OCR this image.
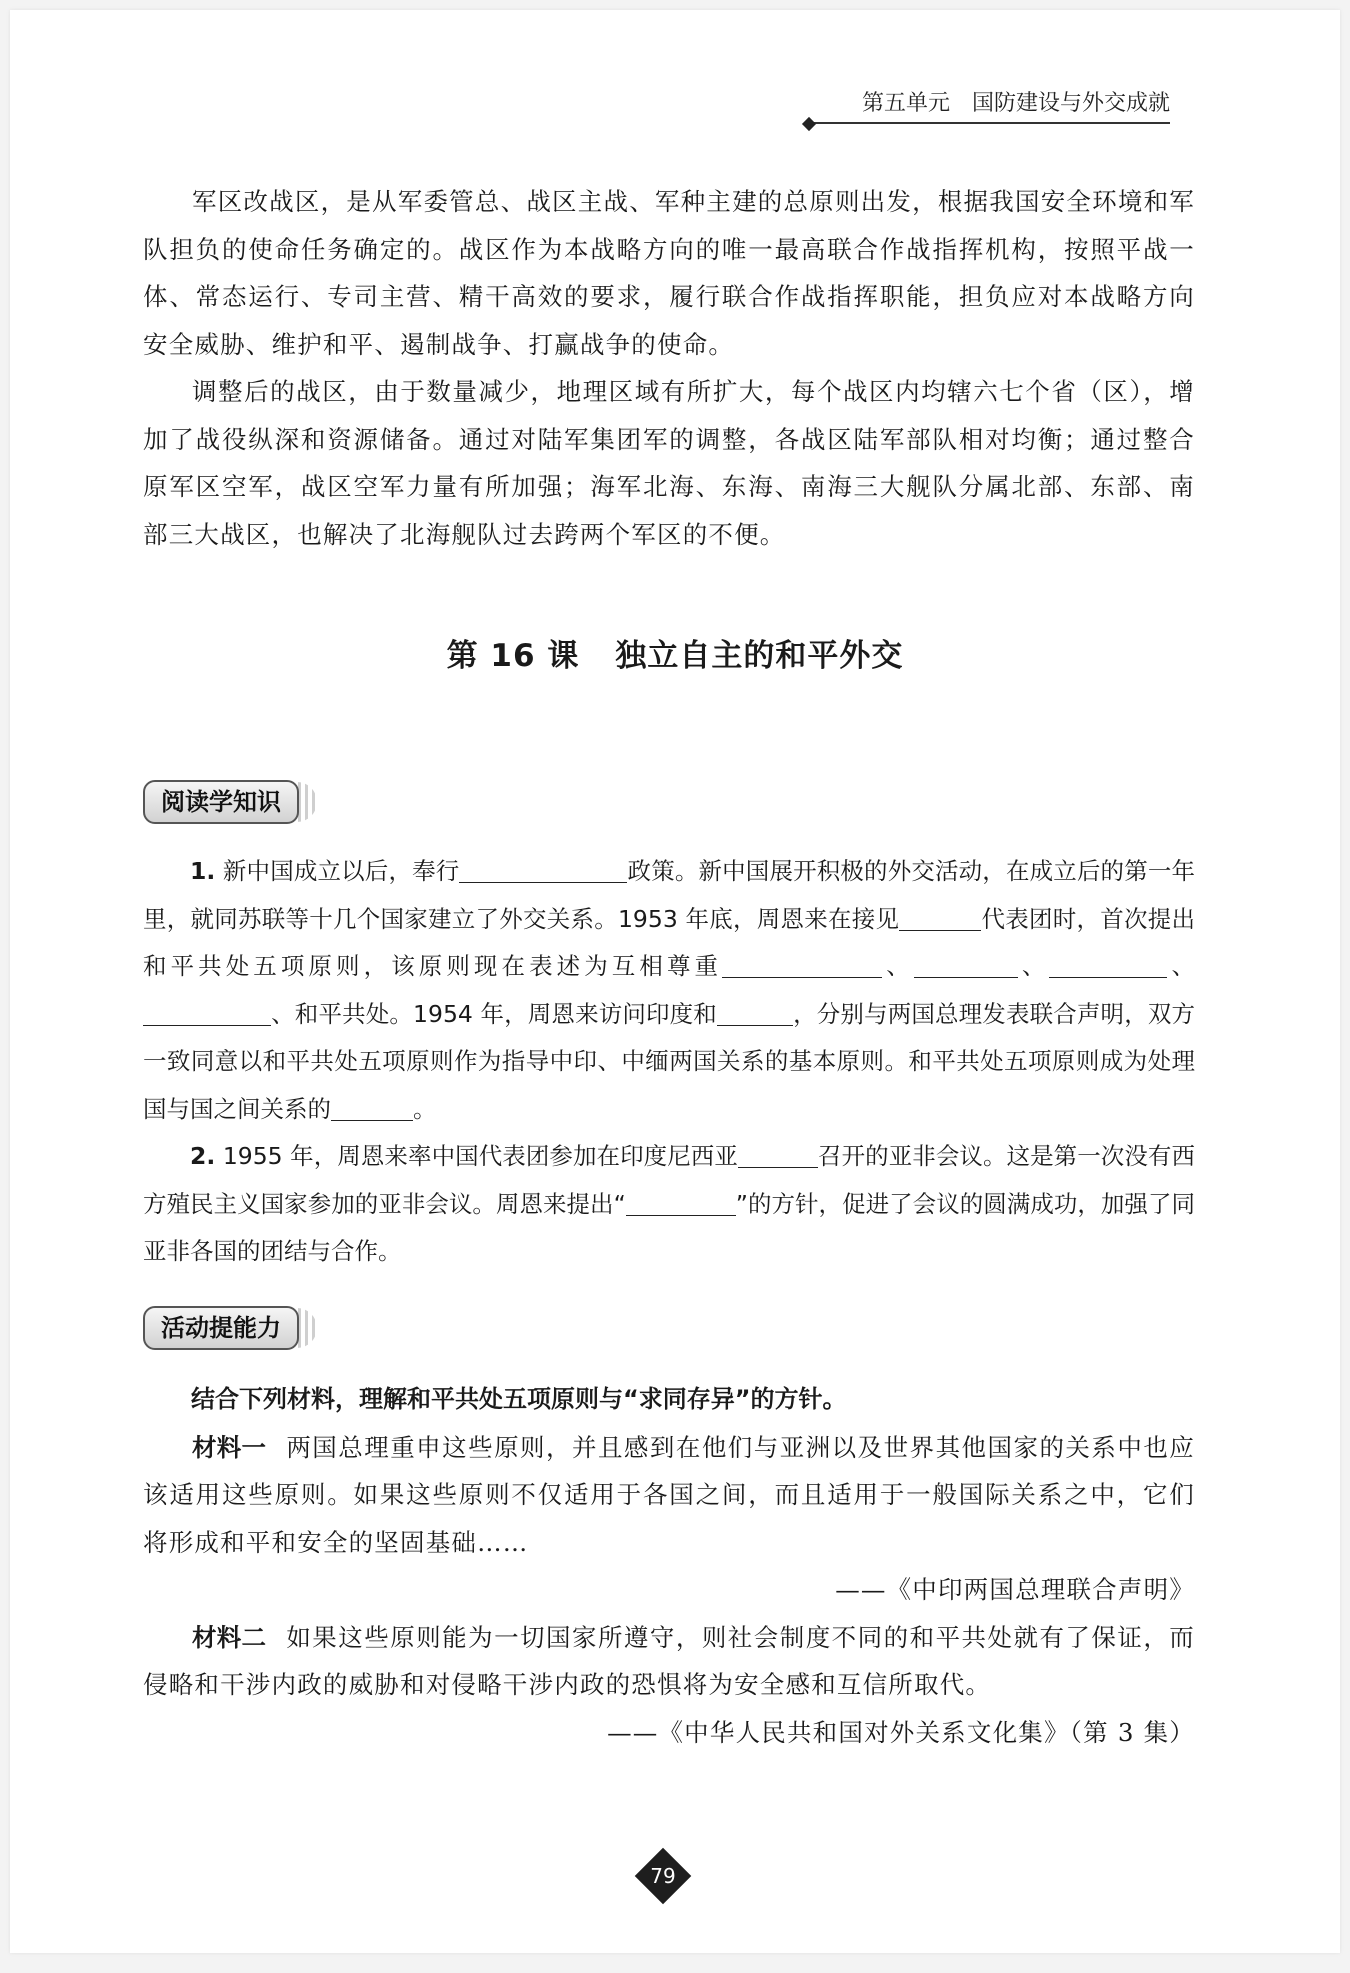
第五单元 国防建设与外交成就

军区改战区，是从军委管总、战区主战、军种主建的总原则出发，根据我国安全环境和军队担负的使命任务确定的。战区作为本战略方向的唯一最高联合作战指挥机构，按照平战一体、常态运行、专司主营、精干高效的要求，履行联合作战指挥职能，担负应对本战略方向安全威胁、维护和平、遏制战争、打赢战争的使命。

调整后的战区，由于数量减少，地理区域有所扩大，每个战区内均辖六七个省（区），增加了战役纵深和资源储备。通过对陆军集团军的调整，各战区陆军部队相对均衡；通过整合原军区空军，战区空军力量有所加强；海军北海、东海、南海三大舰队分属北部、东部、南部三大战区，也解决了北海舰队过去跨两个军区的不便。

第 16 课 独立自主的和平外交
阅读学知识

1. 新中国成立以后，奉行	政策。新中国展开积极的外交活动，在成立后的第一年里，就同苏联等十几个国家建立了外交关系。1953 年底，周恩来在接见	代表团时，首次提出和平共处五项原则，该原则现在表述为互相尊重	、	、	、、和平共处。1954 年，周恩来访问印度和	，分别与两国总理发表联合声明，双方一致同意以和平共处五项原则作为指导中印、中缅两国关系的基本原则。和平共处五项原则成为处理国与国之间关系的	。

2. 1955 年，周恩来率中国代表团参加在印度尼西亚	召开的亚非会议。这是第一次没有西方殖民主义国家参加的亚非会议。周恩来提出“	”的方针，促进了会议的圆满成功，加强了同亚非各国的团结与合作。

活动提能力

结合下列材料，理解和平共处五项原则与“求同存异”的方针。

材料一 两国总理重申这些原则，并且感到在他们与亚洲以及世界其他国家的关系中也应该适用这些原则。如果这些原则不仅适用于各国之间，而且适用于一般国际关系之中，它们将形成和平和安全的坚固基础……

——《中印两国总理联合声明》

材料二 如果这些原则能为一切国家所遵守，则社会制度不同的和平共处就有了保证，而侵略和干涉内政的威胁和对侵略干涉内政的恐惧将为安全感和互信所取代。

——《中华人民共和国对外关系文化集》（第 3 集）

79
